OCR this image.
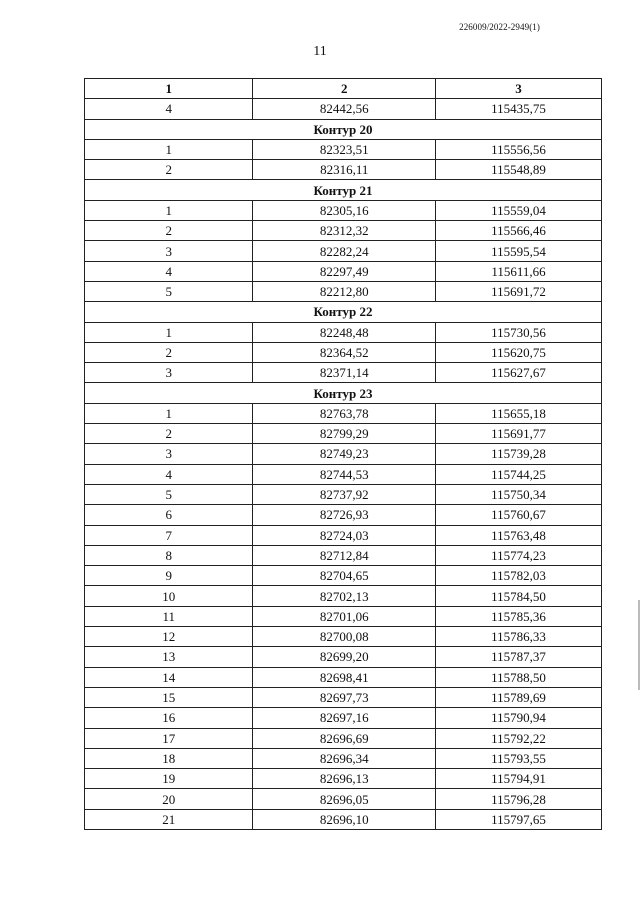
226009/2022-2949(1)
11
1	2	3
4	82442,56	115435,75
Контур 20		
1	82323,51	115556,56
2	82316,11	115548,89
Контур 21		
1	82305,16	115559,04
2	82312,32	115566,46
3	82282,24	115595,54
4	82297,49	115611,66
5	82212,80	115691,72
Контур 22		
1	82248,48	115730,56
2	82364,52	115620,75
3	82371,14	115627,67
Контур 23		
1	82763,78	115655,18
2	82799,29	115691,77
3	82749,23	115739,28
4	82744,53	115744,25
5	82737,92	115750,34
6	82726,93	115760,67
7	82724,03	115763,48
8	82712,84	115774,23
9	82704,65	115782,03
10	82702,13	115784,50
11	82701,06	115785,36
12	82700,08	115786,33
13	82699,20	115787,37
14	82698,41	115788,50
15	82697,73	115789,69
16	82697,16	115790,94
17	82696,69	115792,22
18	82696,34	115793,55
19	82696,13	115794,91
20	82696,05	115796,28
21	82696,10	115797,65
